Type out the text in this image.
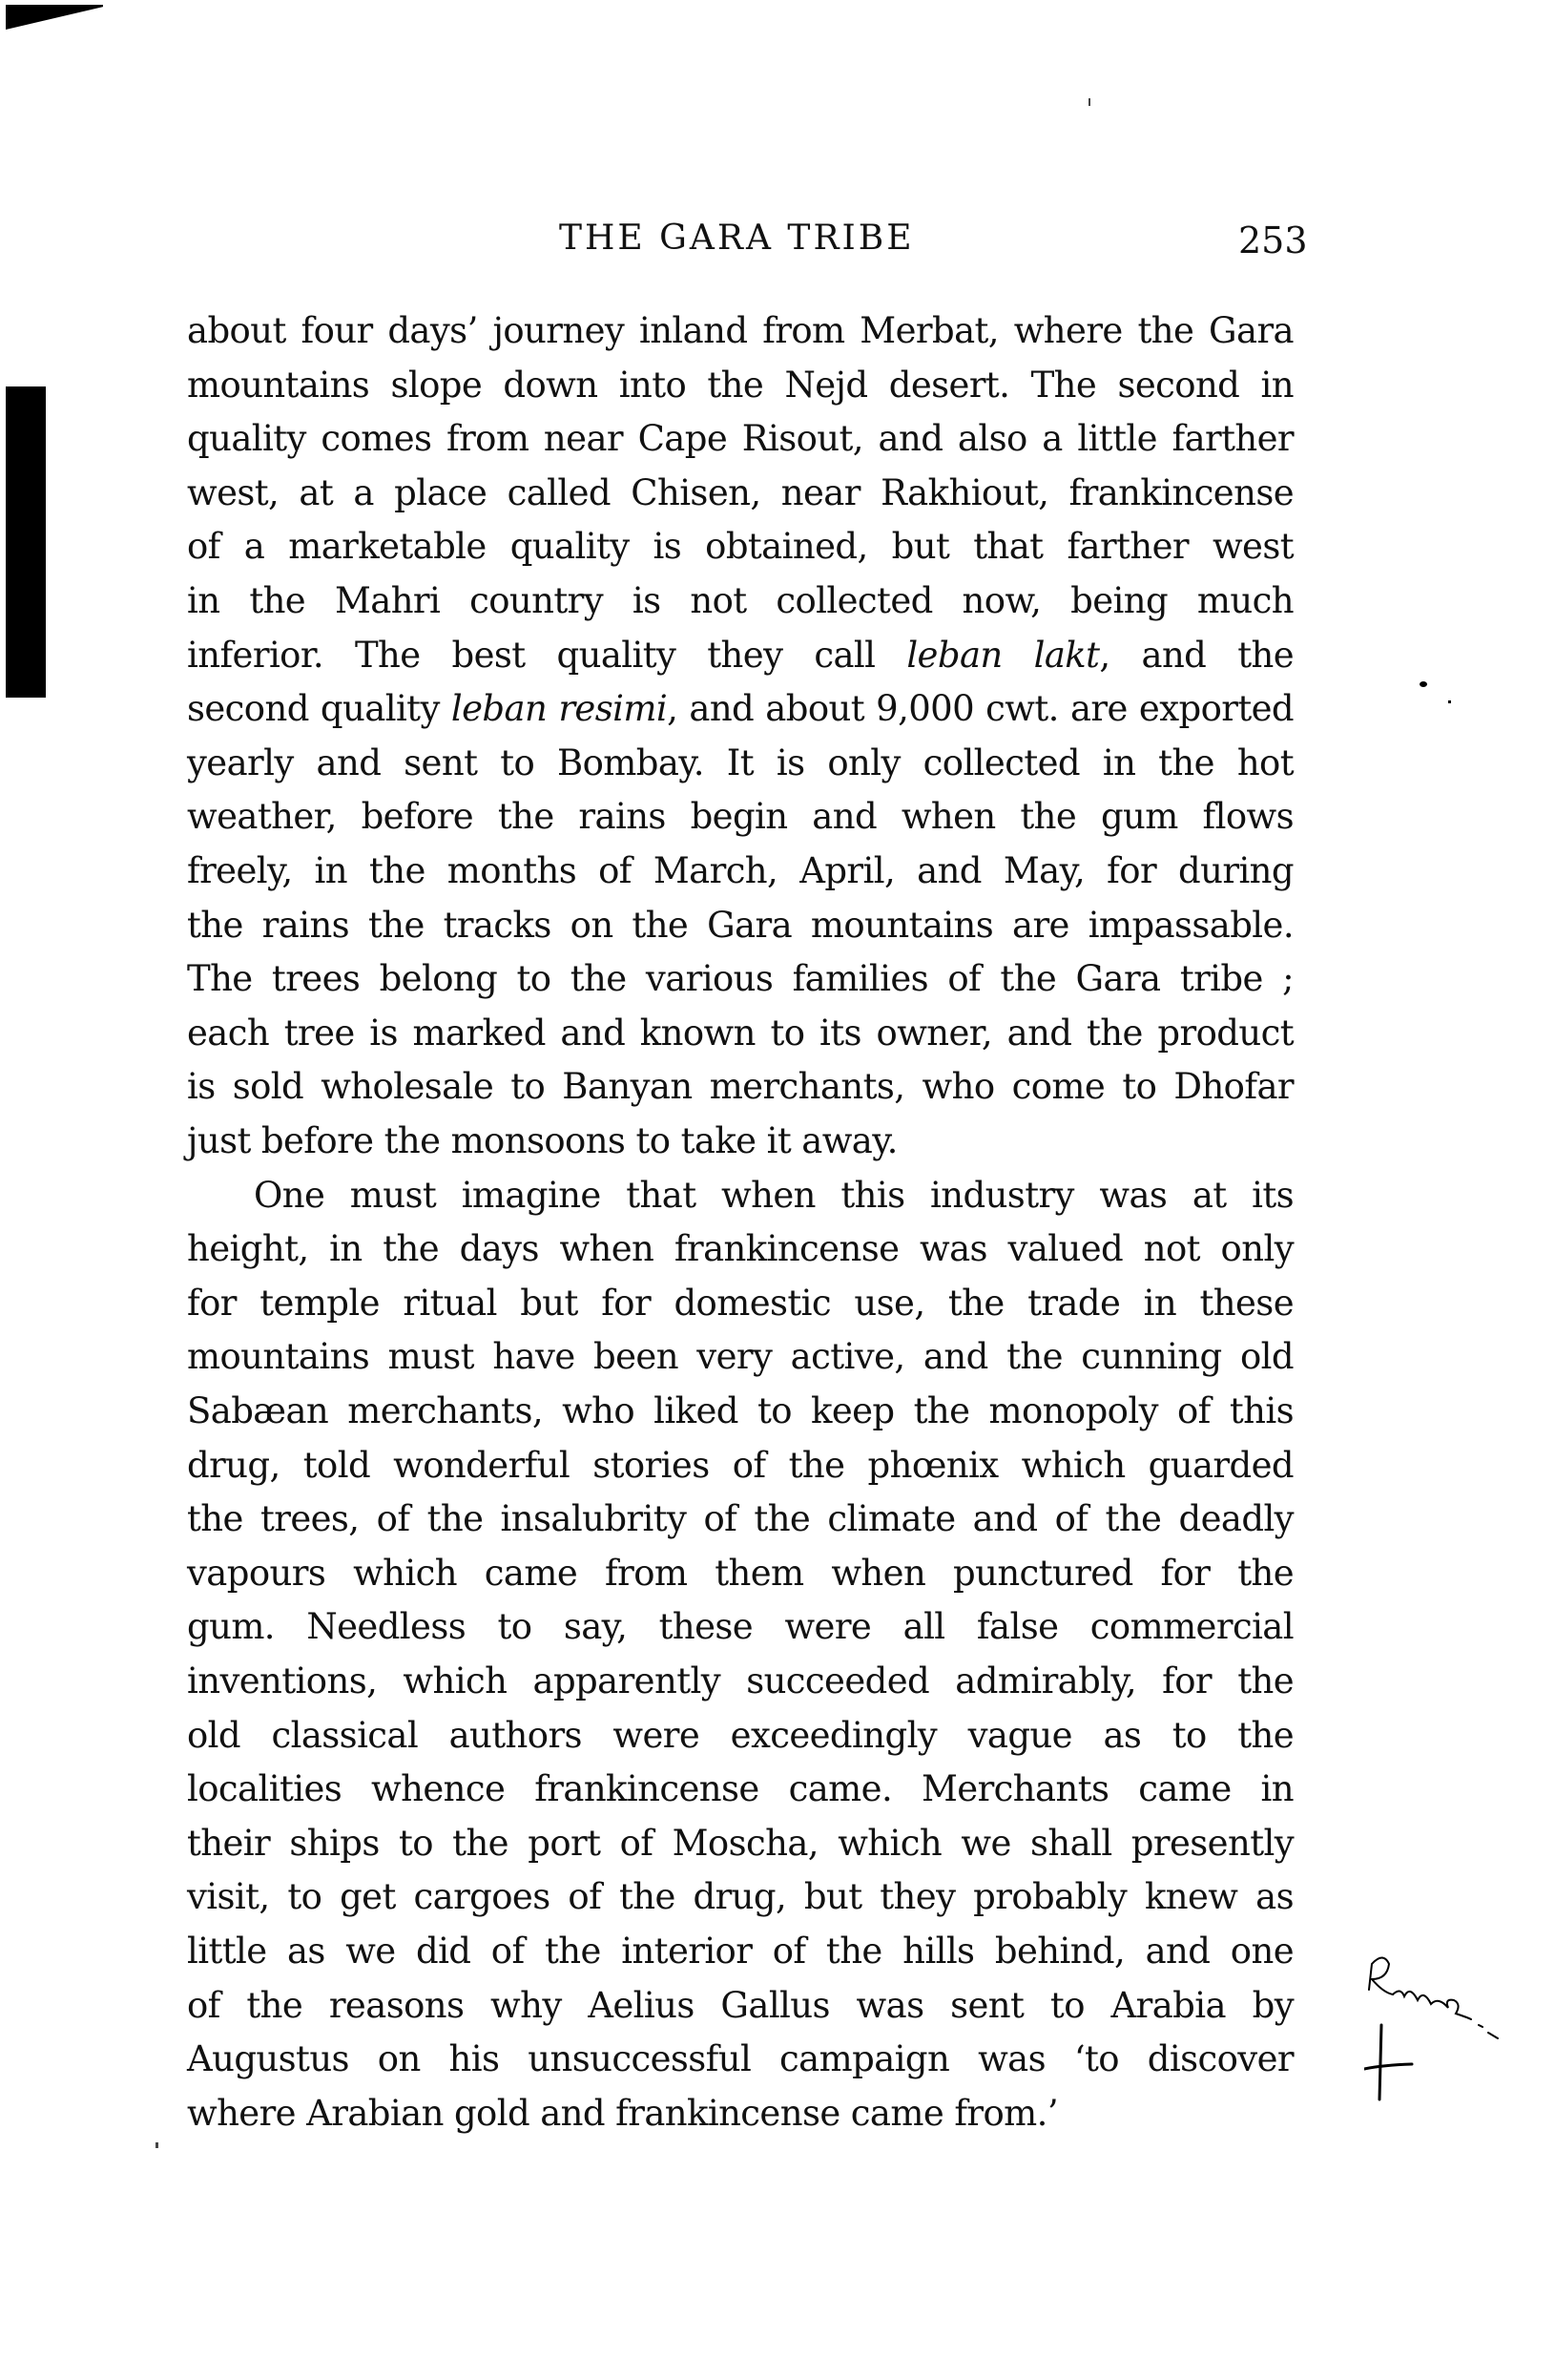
THE GARA TRIBE	253
about four days’ journey inland from Merbat, where the Gara
mountains slope down into the Nejd desert. The second in
quality comes from near Cape Risout, and also a little farther
west, at a place called Chisen, near Rakhiout, frankincense
of a marketable quality is obtained, but that farther west
in the Mahri country is not collected now, being much
inferior. The best quality they call leban lakt, and the
second quality leban resimi, and about 9,000 cwt. are exported
yearly and sent to Bombay. It is only collected in the hot
weather, before the rains begin and when the gum flows
freely, in the months of March, April, and May, for during
the rains the tracks on the Gara mountains are impassable.
The trees belong to the various families of the Gara tribe ;
each tree is marked and known to its owner, and the product
is sold wholesale to Banyan merchants, who come to Dhofar
just before the monsoons to take it away.
One must imagine that when this industry was at its
height, in the days when frankincense was valued not only
for temple ritual but for domestic use, the trade in these
mountains must have been very active, and the cunning old
Sabæan merchants, who liked to keep the monopoly of this
drug, told wonderful stories of the phœnix which guarded
the trees, of the insalubrity of the climate and of the deadly
vapours which came from them when punctured for the
gum. Needless to say, these were all false commercial
inventions, which apparently succeeded admirably, for the
old classical authors were exceedingly vague as to the
localities whence frankincense came. Merchants came in
their ships to the port of Moscha, which we shall presently
visit, to get cargoes of the drug, but they probably knew as
little as we did of the interior of the hills behind, and one
of the reasons why Aelius Gallus was sent to Arabia by
Augustus on his unsuccessful campaign was ‘to discover
where Arabian gold and frankincense came from.’
